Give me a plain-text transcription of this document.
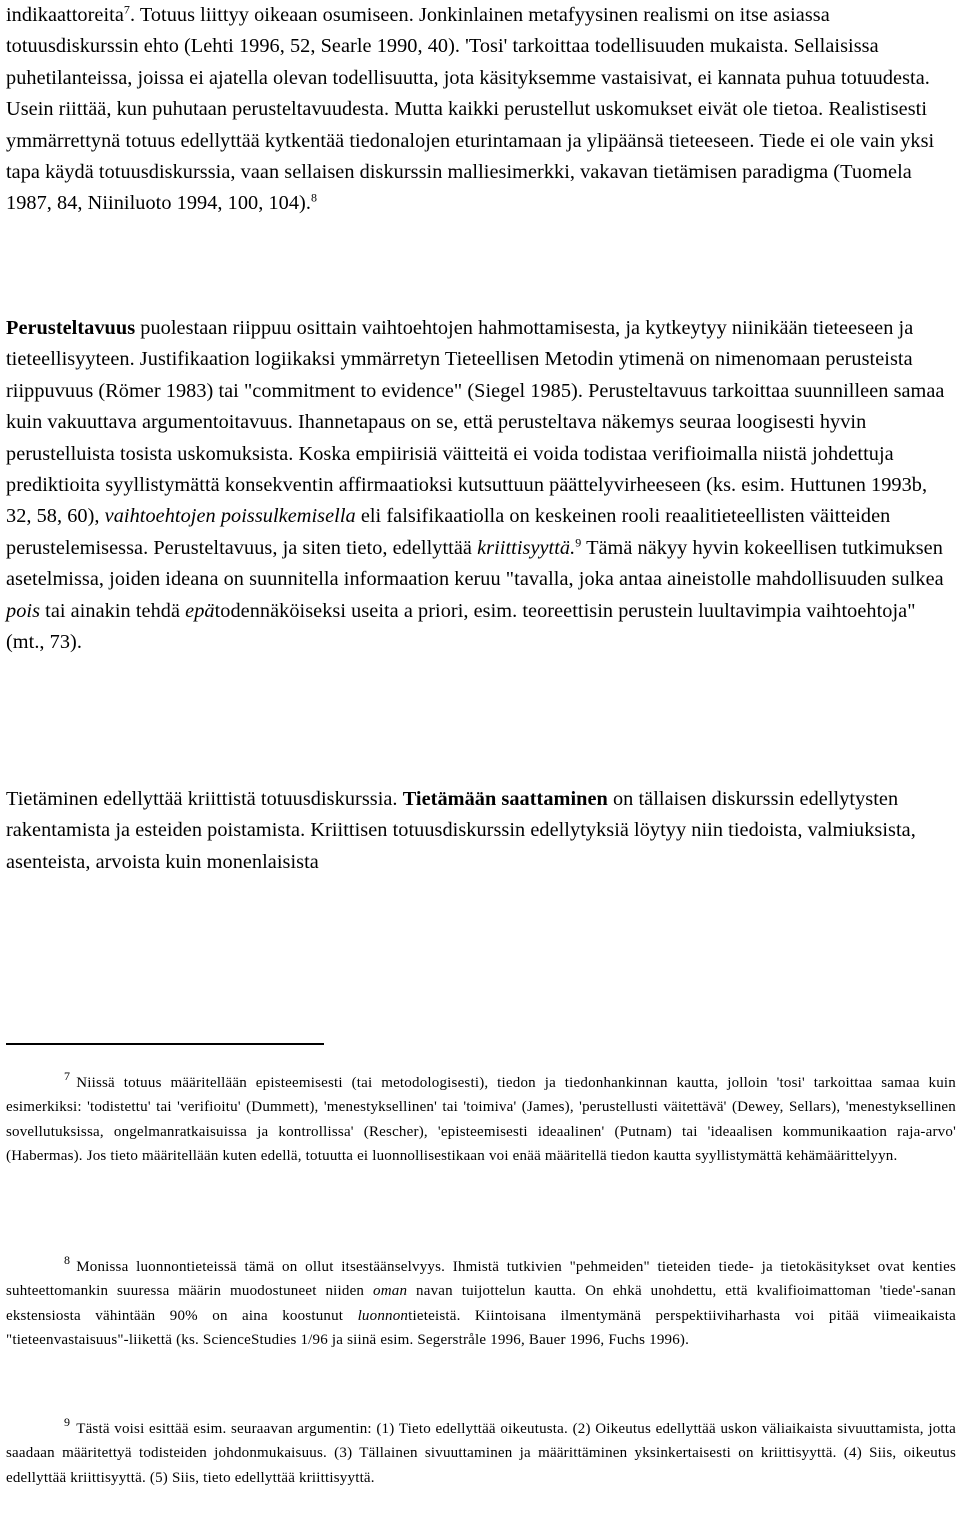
indikaattoreita$^7$. Totuus liittyy oikeaan osumiseen. Jonkinlainen metafyysinen realismi on itse asiassa totuusdiskurssin ehto (Lehti 1996, 52, Searle 1990, 40). 'Tosi' tarkoittaa todellisuuden mukaista. Sellaisissa puhetilanteissa, joissa ei ajatella olevan todellisuutta, jota käsityksemme vastaisivat, ei kannata puhua totuudesta. Usein riittää, kun puhutaan perusteltavuudesta. Mutta kaikki perustellut uskomukset eivät ole tietoa. Realistisesti ymmärrettynä totuus edellyttää kytkentää tiedonalojen eturintamaan ja ylipäänsä tieteeseen. Tiede ei ole vain yksi tapa käydä totuusdiskurssia, vaan sellaisen diskurssin malliesimerkki, vakavan tietämisen paradigma (Tuomela 1987, 84, Niiniluoto 1994, 100, 104).$^8$

Perusteltavuus puolestaan riippuu osittain vaihtoehtojen hahmottamisesta, ja kytkeytyy niinikään tieteeseen ja tieteellisyyteen. Justifikaation logiikaksi ymmärretyn Tieteellisen Metodin ytimenä on nimenomaan perusteista riippuvuus (Römer 1983) tai "commitment to evidence" (Siegel 1985). Perusteltavuus tarkoittaa suunnilleen samaa kuin vakuuttava argumentoitavuus. Ihannetapaus on se, että perusteltava näkemys seuraa loogisesti hyvin perustelluista tosista uskomuksista. Koska empiirisiä väitteitä ei voida todistaa verifioimalla niistä johdettuja prediktioita syyllistymättä konsekventin affirmaatioksi kutsuttuun päättelyvirheeseen (ks. esim. Huttunen 1993b, 32, 58, 60), vaihtoehtojen poissulkemisella eli falsifikaatiolla on keskeinen rooli reaalitieteellisten väitteiden perustelemisessa. Perusteltavuus, ja siten tieto, edellyttää kriittisyyttä.$^9$ Tämä näkyy hyvin kokeellisen tutkimuksen asetelmissa, joiden ideana on suunnitella informaation keruu "tavalla, joka antaa aineistolle mahdollisuuden sulkea pois tai ainakin tehdä epätodennäköiseksi useita a priori, esim. teoreettisin perustein luultavimpia vaihtoehtoja" (mt., 73).

Tietäminen edellyttää kriittistä totuusdiskurssia. Tietämään saattaminen on tällaisen diskurssin edellytysten rakentamista ja esteiden poistamista. Kriittisen totuusdiskurssin edellytyksiä löytyy niin tiedoista, valmiuksista, asenteista, arvoista kuin monenlaisista

$^7$ Niissä totuus määritellään episteemisesti (tai metodologisesti), tiedon ja tiedonhankinnan kautta, jolloin 'tosi' tarkoittaa samaa kuin esimerkiksi: 'todistettu' tai 'verifioitu' (Dummett), 'menestyksellinen' tai 'toimiva' (James), 'perustellusti väitettävä' (Dewey, Sellars), 'menestyksellinen sovellutuksissa, ongelmanratkaisuissa ja kontrollissa' (Rescher), 'episteemisesti ideaalinen' (Putnam) tai 'ideaalisen kommunikaation raja-arvo' (Habermas). Jos tieto määritellään kuten edellä, totuutta ei luonnollisestikaan voi enää määritellä tiedon kautta syyllistymättä kehämäärittelyyn.

$^8$ Monissa luonnontieteissä tämä on ollut itsestäänselvyys. Ihmistä tutkivien "pehmeiden" tieteiden tiede- ja tietokäsitykset ovat kenties suhteettomankin suuressa määrin muodostuneet niiden oman navan tuijottelun kautta. On ehkä unohdettu, että kvalifioimattoman 'tiede'-sanan ekstensiosta vähintään 90% on aina koostunut luonnontieteistä. Kiintoisana ilmentymänä perspektiiviharhasta voi pitää viimeaikaista "tieteenvastaisuus"-liikettä (ks. ScienceStudies 1/96 ja siinä esim. Segerstråle 1996, Bauer 1996, Fuchs 1996).

$^9$ Tästä voisi esittää esim. seuraavan argumentin: (1) Tieto edellyttää oikeutusta. (2) Oikeutus edellyttää uskon väliaikaista sivuuttamista, jotta saadaan määritettyä todisteiden johdonmukaisuus. (3) Tällainen sivuuttaminen ja määrittäminen yksinkertaisesti on kriittisyyttä. (4) Siis, oikeutus edellyttää kriittisyyttä. (5) Siis, tieto edellyttää kriittisyyttä.
